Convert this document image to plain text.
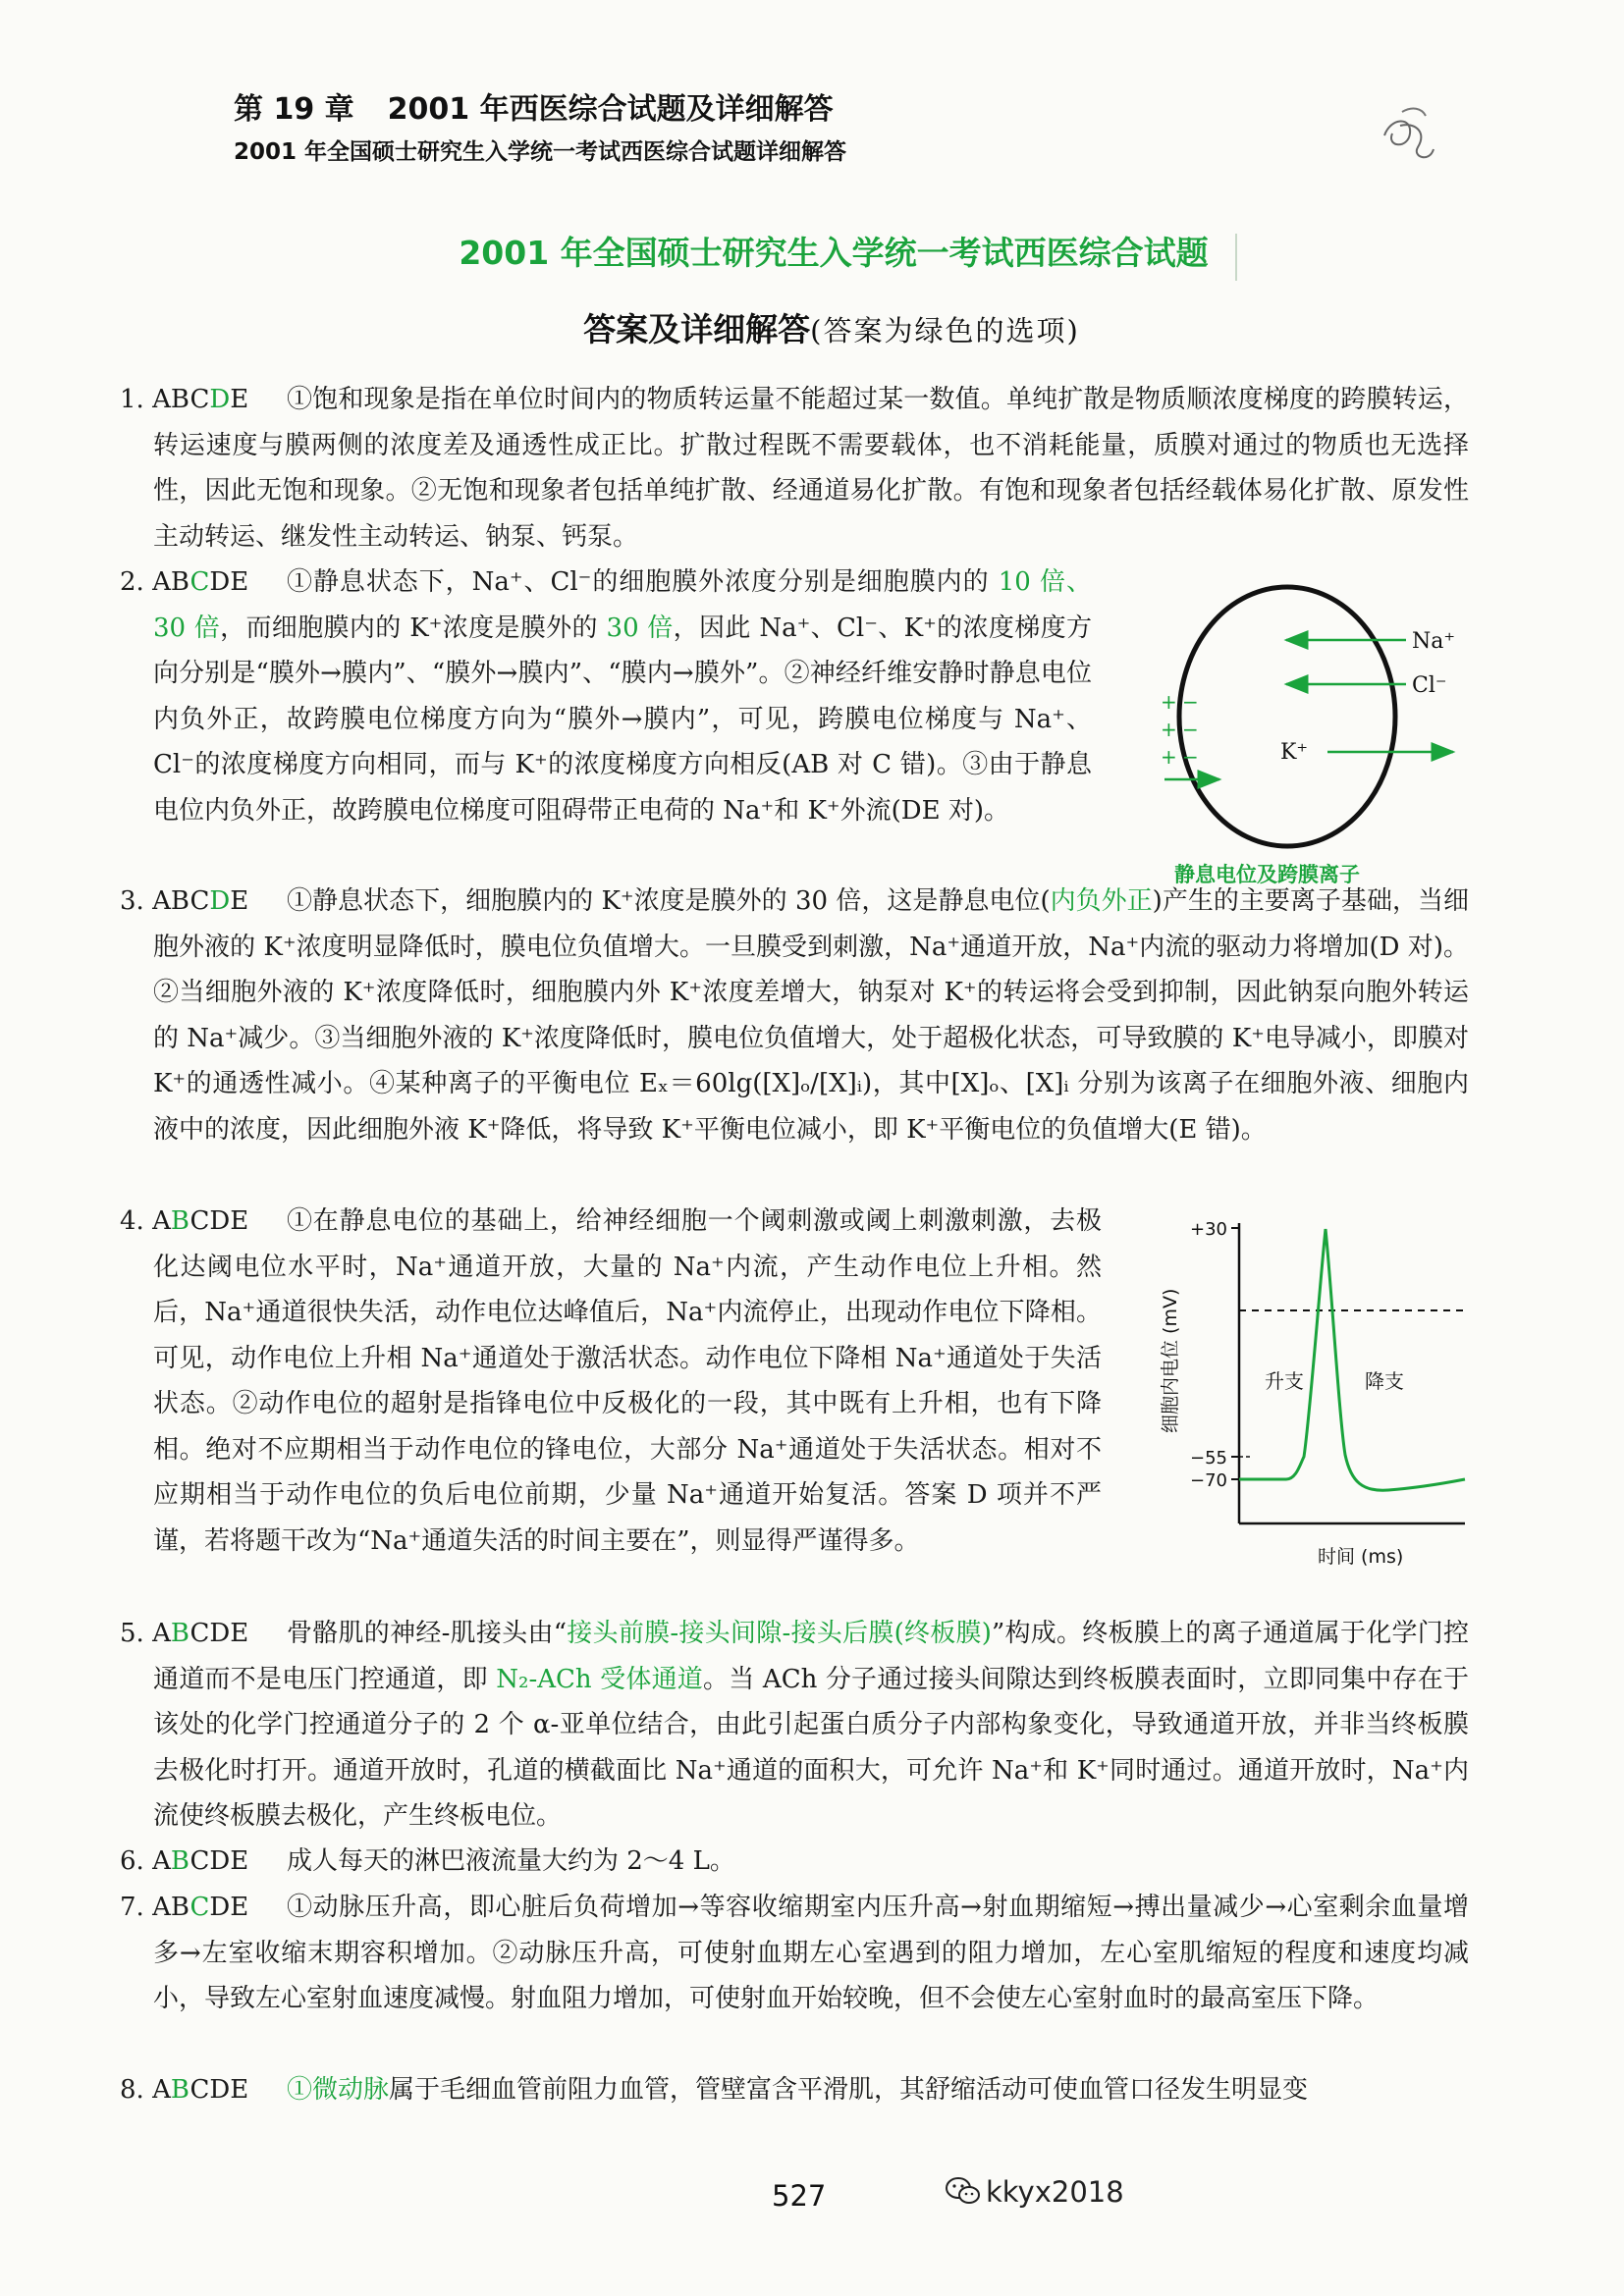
第 19 章 2001 年西医综合试题及详细解答
2001 年全国硕士研究生入学统一考试西医综合试题详细解答
2001 年全国硕士研究生入学统一考试西医综合试题
答案及详细解答(答案为绿色的选项)
1. ABCDE	①饱和现象是指在单位时间内的物质转运量不能超过某一数值。单纯扩散是物质顺浓度梯度的跨膜转运，转运速度与膜两侧的浓度差及通透性成正比。扩散过程既不需要载体，也不消耗能量，质膜对通过的物质也无选择性，因此无饱和现象。②无饱和现象者包括单纯扩散、经通道易化扩散。有饱和现象者包括经载体易化扩散、原发性主动转运、继发性主动转运、钠泵、钙泵。
2. ABCDE	①静息状态下，Na⁺、Cl⁻的细胞膜外浓度分别是细胞膜内的 10 倍、30 倍，而细胞膜内的 K⁺浓度是膜外的 30 倍，因此 Na⁺、Cl⁻、K⁺的浓度梯度方向分别是“膜外→膜内”、“膜外→膜内”、“膜内→膜外”。②神经纤维安静时静息电位内负外正，故跨膜电位梯度方向为“膜外→膜内”，可见，跨膜电位梯度与 Na⁺、Cl⁻的浓度梯度方向相同，而与 K⁺的浓度梯度方向相反(AB 对 C 错)。③由于静息电位内负外正，故跨膜电位梯度可阻碍带正电荷的 Na⁺和 K⁺外流(DE 对)。
Na⁺
Cl⁻
K⁺
+
+
+
−
−
−
静息电位及跨膜离子
3. ABCDE	①静息状态下，细胞膜内的 K⁺浓度是膜外的 30 倍，这是静息电位(内负外正)产生的主要离子基础，当细胞外液的 K⁺浓度明显降低时，膜电位负值增大。一旦膜受到刺激，Na⁺通道开放，Na⁺内流的驱动力将增加(D 对)。②当细胞外液的 K⁺浓度降低时，细胞膜内外 K⁺浓度差增大，钠泵对 K⁺的转运将会受到抑制，因此钠泵向胞外转运的 Na⁺减少。③当细胞外液的 K⁺浓度降低时，膜电位负值增大，处于超极化状态，可导致膜的 K⁺电导减小，即膜对 K⁺的通透性减小。④某种离子的平衡电位 Eₓ＝60lg([X]ₒ/[X]ᵢ)，其中[X]ₒ、[X]ᵢ 分别为该离子在细胞外液、细胞内液中的浓度，因此细胞外液 K⁺降低，将导致 K⁺平衡电位减小，即 K⁺平衡电位的负值增大(E 错)。
4. ABCDE	①在静息电位的基础上，给神经细胞一个阈刺激或阈上刺激刺激，去极化达阈电位水平时，Na⁺通道开放，大量的 Na⁺内流，产生动作电位上升相。然后，Na⁺通道很快失活，动作电位达峰值后，Na⁺内流停止，出现动作电位下降相。可见，动作电位上升相 Na⁺通道处于激活状态。动作电位下降相 Na⁺通道处于失活状态。②动作电位的超射是指锋电位中反极化的一段，其中既有上升相，也有下降相。绝对不应期相当于动作电位的锋电位，大部分 Na⁺通道处于失活状态。相对不应期相当于动作电位的负后电位前期，少量 Na⁺通道开始复活。答案 D 项并不严谨，若将题干改为“Na⁺通道失活的时间主要在”，则显得严谨得多。
+30
−55
−70
升支	降支
时间 (ms)
细胞内电位 (mV)
5. ABCDE	骨骼肌的神经-肌接头由“接头前膜-接头间隙-接头后膜(终板膜)”构成。终板膜上的离子通道属于化学门控通道而不是电压门控通道，即 N₂-ACh 受体通道。当 ACh 分子通过接头间隙达到终板膜表面时，立即同集中存在于该处的化学门控通道分子的 2 个 α-亚单位结合，由此引起蛋白质分子内部构象变化，导致通道开放，并非当终板膜去极化时打开。通道开放时，孔道的横截面比 Na⁺通道的面积大，可允许 Na⁺和 K⁺同时通过。通道开放时，Na⁺内流使终板膜去极化，产生终板电位。
6. ABCDE	成人每天的淋巴液流量大约为 2～4 L。
7. ABCDE	①动脉压升高，即心脏后负荷增加→等容收缩期室内压升高→射血期缩短→搏出量减少→心室剩余血量增多→左室收缩末期容积增加。②动脉压升高，可使射血期左心室遇到的阻力增加，左心室肌缩短的程度和速度均减小，导致左心室射血速度减慢。射血阻力增加，可使射血开始较晚，但不会使左心室射血时的最高室压下降。
8. ABCDE	①微动脉属于毛细血管前阻力血管，管壁富含平滑肌，其舒缩活动可使血管口径发生明显变
527	kkyx2018
